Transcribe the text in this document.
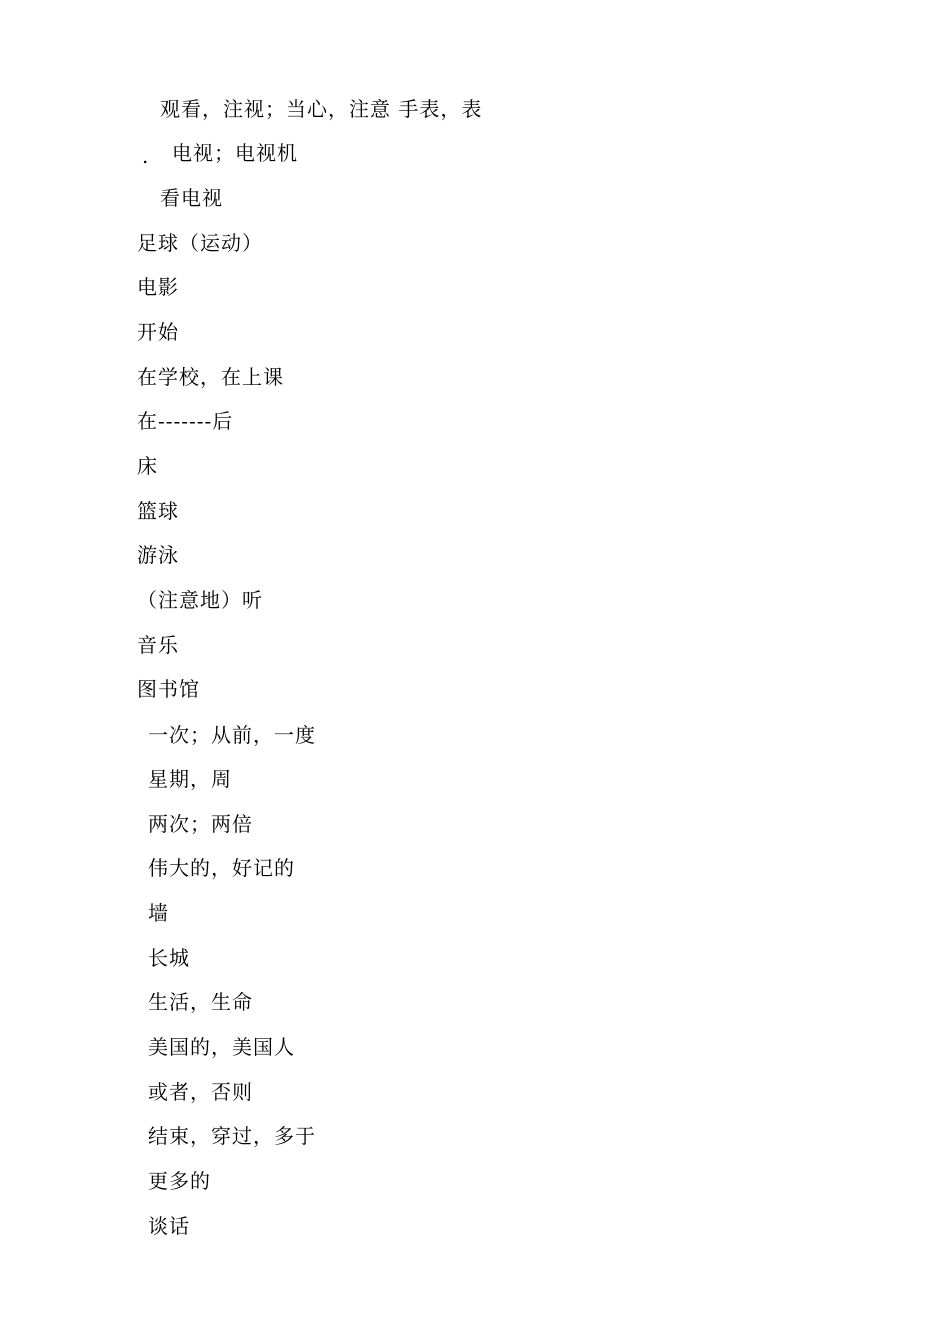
.
观看，注视；当心，注意 手表，表
电视；电视机
看电视
足球（运动）
电影
开始
在学校，在上课
在-------后
床
篮球
游泳
（注意地）听
音乐
图书馆
一次；从前，一度
星期，周
两次；两倍
伟大的，好记的
墙
长城
生活，生命
美国的，美国人
或者，否则
结束，穿过，多于
更多的
谈话
